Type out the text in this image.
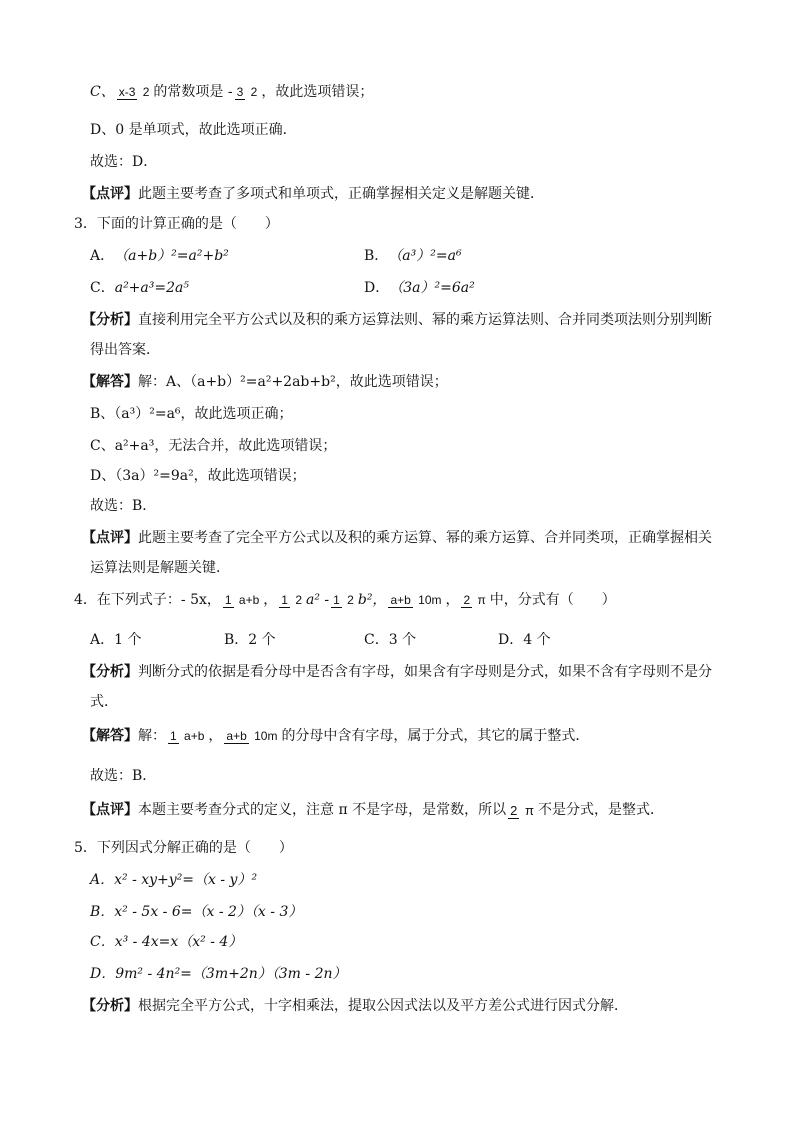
C、 x-3 2 的常数项是 - 3 2 ，故此选项错误；
D、0 是单项式，故此选项正确．
故选：D．
【点评】 此题主要考查了多项式和单项式，正确掌握相关定义是解题关键．
3．下面的计算正确的是（　　）
A． （a+b）²=a²+b²	B． （a³）²=a⁶
C． a²+a³=2a⁵	D． （3a）²=6a²
【分析】 直接利用完全平方公式以及积的乘方运算法则、幂的乘方运算法则、合并同类项法则分别判断
得出答案．
【解答】 解：A、（a+b）²=a²+2ab+b²，故此选项错误；
B、（a³）²=a⁶，故此选项正确；
C、a²+a³，无法合并，故此选项错误；
D、（3a）²=9a²，故此选项错误；
故选：B．
【点评】 此题主要考查了完全平方公式以及积的乘方运算、幂的乘方运算、合并同类项，正确掌握相关
运算法则是解题关键．
4．在下列式子：- 5x， 1 a+b ， 1 2 a² - 1 2 b²， a+b 10m ， 2 π 中，分式有（　　）
A．1 个	B．2 个	C．3 个	D．4 个
【分析】 判断分式的依据是看分母中是否含有字母，如果含有字母则是分式，如果不含有字母则不是分
式．
【解答】 解： 1 a+b ， a+b 10m 的分母中含有字母，属于分式，其它的属于整式．
故选：B．
【点评】 本题主要考查分式的定义，注意 π 不是字母，是常数，所以 2 π 不是分式，是整式．
5．下列因式分解正确的是（　　）
A．x² - xy+y²=（x - y）²
B．x² - 5x - 6=（x - 2）（x - 3）
C．x³ - 4x=x（x² - 4）
D．9m² - 4n²=（3m+2n）（3m - 2n）
【分析】 根据完全平方公式，十字相乘法，提取公因式法以及平方差公式进行因式分解．
